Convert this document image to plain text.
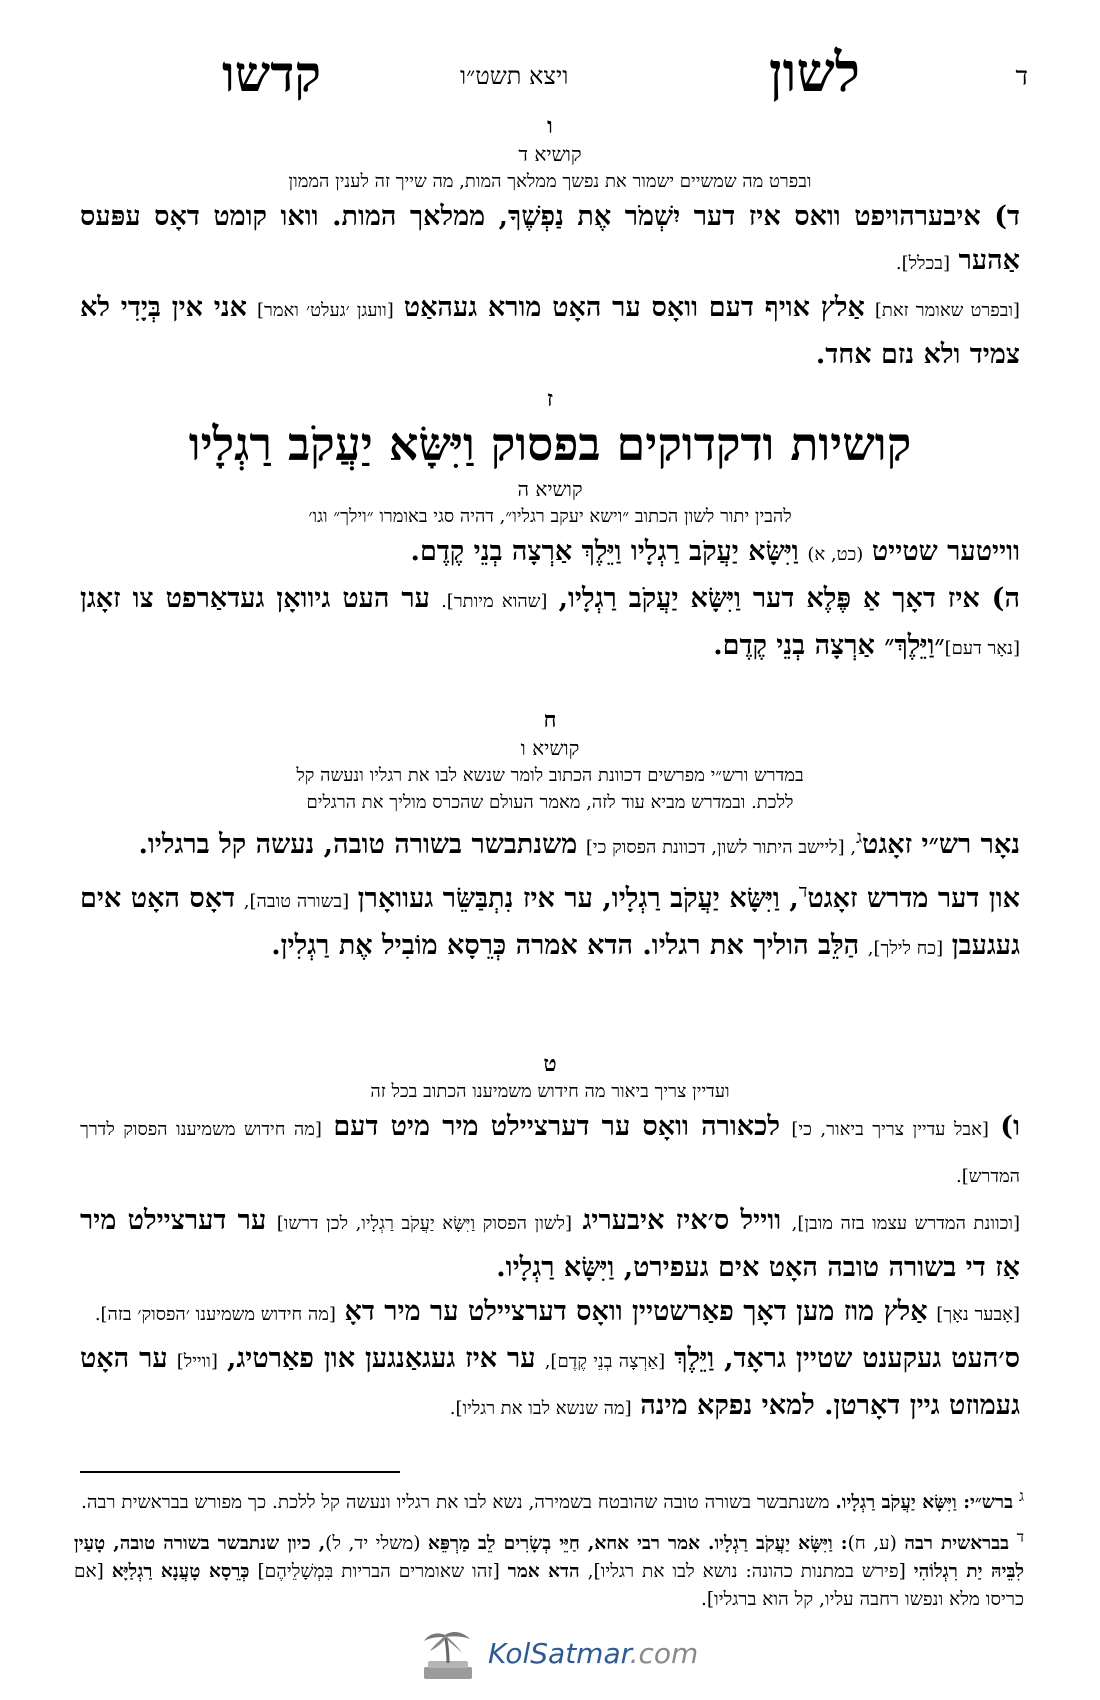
ד
לשון
ויצא תשט״ו
קדשו
ו
קושיא ד
ובפרט מה שמשיים ישמור את נפשך ממלאך המות, מה שייך זה לענין הממון

ד) איבערהויפט וואס איז דער יִשְׁמֹר אֶת נַפְשֶׁךָ, ממלאך המות. וואו קומט דאָס עפּעס אַהער [בכלל].

[ובפרט שאומר זאת] אַלץ אויף דעם וואָס ער האָט מורא געהאַט [וועגן ׳געלט׳ ואמר] אני אין בְּיָדִי לא צמיד ולא נזם אחד.

ז
קושיות ודקדוקים בפסוק וַיִּשָּׂא יַעֲקֹב רַגְלָיו
קושיא ה
להבין יתור לשון הכתוב ״וישא יעקב רגליו״, דהיה סגי באומרו ״וילך״ וגו׳

ווייטער שטייט (כט, א) וַיִּשָּׂא יַעֲקֹב רַגְלָיו וַיֵּלֶךְ אַרְצָה בְנֵי קֶדֶם.

ה) איז דאָך אַ פֶּלֶא דער וַיִּשָּׂא יַעֲקֹב רַגְלָיו, [שהוא מיותר]. ער העט גיוואָן געדאַרפט צו זאָגן [נאָר דעם]״וַיֵּלֶךְ״ אַרְצָה בְנֵי קֶדֶם.

ח
קושיא ו
במדרש ורש״י מפרשים דכוונת הכתוב לומר שנשא לבו את רגליו ונעשה קל
ללכת. ובמדרש מביא עוד לזה, מאמר העולם שהכרס מוליך את הרגלים

נאָר רש״י זאָגט$^ג$, [ליישב היתור לשון, דכוונת הפסוק כי] משנתבשר בשורה טובה, נעשה קל ברגליו.

און דער מדרש זאָגט$^ד$, וַיִּשָּׂא יַעֲקֹב רַגְלָיו, ער איז נִתְבַּשֵּׂר געוואָרן [בשורה טובה], דאָס האָט אים געגעבן [כח לילך], הַלֵּב הוליך את רגליו. הדא אמרה כְּרֵסָא מוֹבִיל אֶת רַגְלִין.

ט
ועדיין צריך ביאור מה חידוש משמיענו הכתוב בכל זה

ו) [אבל עדיין צריך ביאור, כי] לכאורה וואָס ער דערציילט מיר מיט דעם [מה חידוש משמיענו הפסוק לדרך המדרש].

[וכוונת המדרש עצמו בזה מובן], ווייל ס׳איז איבעריג [לשון הפסוק וַיִּשָּׂא יַעֲקֹב רַגְלָיו, לכן דרשו] ער דערציילט מיר אַז די בשורה טובה האָט אים געפירט, וַיִּשָּׂא רַגְלָיו.

[אָבער נאָך] אַלץ מוז מען דאָך פאַרשטיין וואָס דערציילט ער מיר דאָ [מה חידוש משמיענו ׳הפסוק׳ בזה].

ס׳העט געקענט שטיין גראָד, וַיֵּלֶךְ [אַרְצָה בְנֵי קֶדֶם], ער איז געגאַנגען און פאַרטיג, [ווייל] ער האָט געמוזט גיין דאָרטן. למאי נפקא מינה [מה שנשא לבו את רגליו].

$^ג$ ברש״י: וַיִּשָּׂא יַעֲקֹב רַגְלָיו. משנתבשר בשורה טובה שהובטח בשמירה, נשא לבו את רגליו ונעשה קל ללכת. כך מפורש בבראשית רבה.

$^ד$ בבראשית רבה (ע, ח): וַיִּשָּׂא יַעֲקֹב רַגְלָיו. אמר רבי אחא, חַיֵּי בְשָׂרִים לֵב מַרְפֵּא (משלי יד, ל), כיון שנתבשר בשורה טובה, טָעַין לִבֵּיהּ יַת רִגְלוֹהִי [פירש במתנות כהונה: נושא לבו את רגליו], הדא אמר [זהו שאומרים הבריות בִּמְשָׁלֵיהֶם] כְּרֵסָא טָעֲנָא רַגְלַיָּא [אם כריסו מלא ונפשו רחבה עליו, קל הוא ברגליו].

KolSatmar.com
